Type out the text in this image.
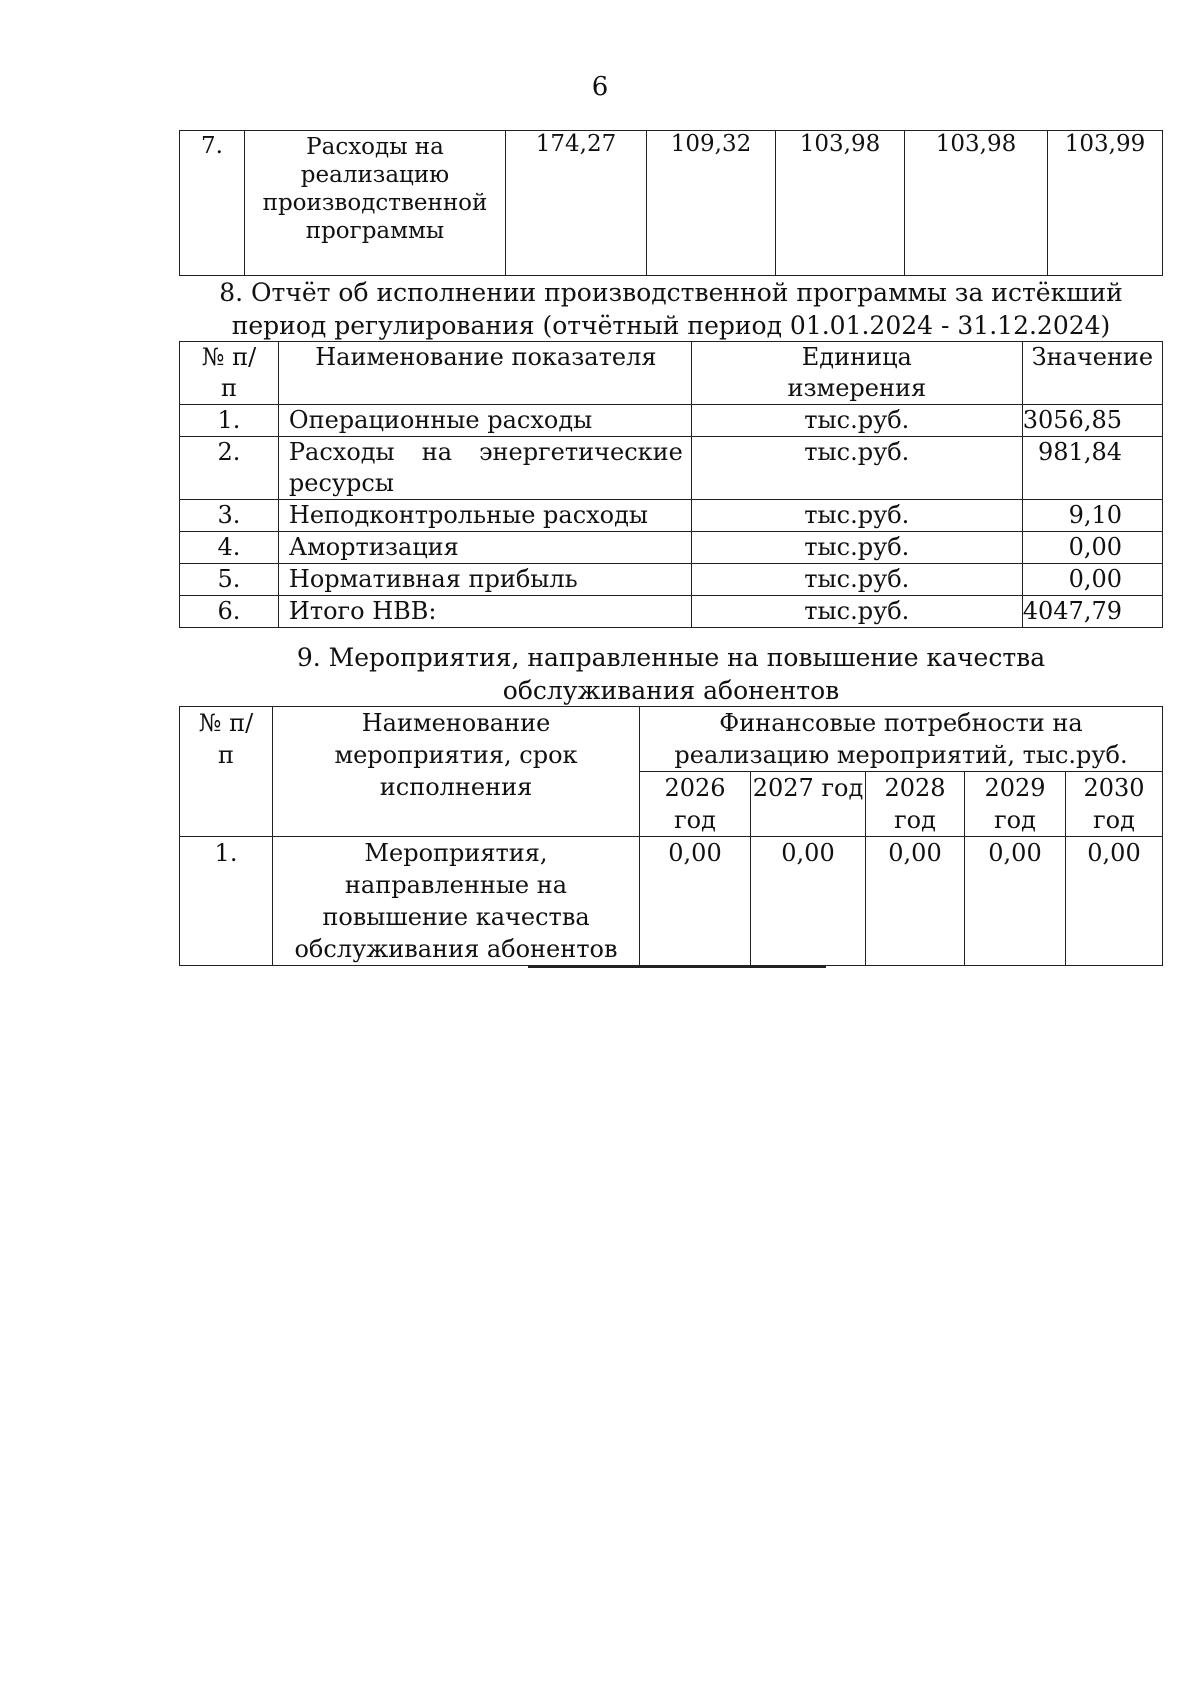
6
7.	Расходы на реализацию производственной программы	174,27	109,32	103,98	103,98	103,99
8. Отчёт об исполнении производственной программы за истёкший период регулирования (отчётный период 01.01.2024 - 31.12.2024)
№ п/п	Наименование показателя	Единица измерения	Значение
1.	Операционные расходы	тыс.руб.	3056,85
2.	Расходы на энергетические ресурсы	тыс.руб.	981,84
3.	Неподконтрольные расходы	тыс.руб.	9,10
4.	Амортизация	тыс.руб.	0,00
5.	Нормативная прибыль	тыс.руб.	0,00
6.	Итого НВВ:	тыс.руб.	4047,79
9. Мероприятия, направленные на повышение качества обслуживания абонентов
№ п/п	Наименование мероприятия, срок исполнения	Финансовые потребности на реализацию мероприятий, тыс.руб.				
		2026 год	2027 год	2028 год	2029 год	2030 год
1.	Мероприятия, направленные на повышение качества обслуживания абонентов	0,00	0,00	0,00	0,00	0,00
